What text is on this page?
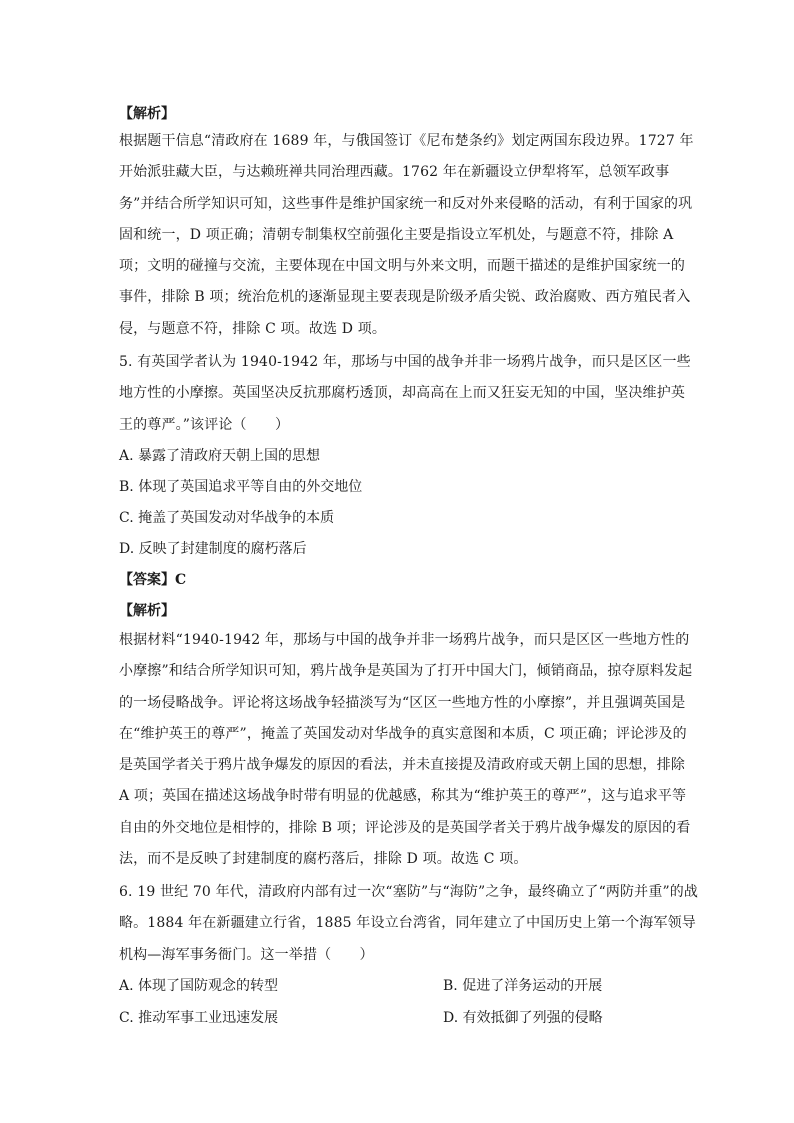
【解析】
根据题干信息“清政府在 1689 年，与俄国签订《尼布楚条约》划定两国东段边界。1727 年开始派驻藏大臣，与达赖班禅共同治理西藏。1762 年在新疆设立伊犁将军，总领军政事务”并结合所学知识可知，这些事件是维护国家统一和反对外来侵略的活动，有利于国家的巩固和统一，D 项正确；清朝专制集权空前强化主要是指设立军机处，与题意不符，排除 A 项；文明的碰撞与交流，主要体现在中国文明与外来文明，而题干描述的是维护国家统一的事件，排除 B 项；统治危机的逐渐显现主要表现是阶级矛盾尖锐、政治腐败、西方殖民者入侵，与题意不符，排除 C 项。故选 D 项。
5. 有英国学者认为 1940-1942 年，那场与中国的战争并非一场鸦片战争，而只是区区一些地方性的小摩擦。英国坚决反抗那腐朽透顶，却高高在上而又狂妄无知的中国，坚决维护英王的尊严。”该评论（　　）
A. 暴露了清政府天朝上国的思想
B. 体现了英国追求平等自由的外交地位
C. 掩盖了英国发动对华战争的本质
D. 反映了封建制度的腐朽落后
【答案】C
【解析】
根据材料“1940-1942 年，那场与中国的战争并非一场鸦片战争，而只是区区一些地方性的小摩擦”和结合所学知识可知，鸦片战争是英国为了打开中国大门，倾销商品，掠夺原料发起的一场侵略战争。评论将这场战争轻描淡写为“区区一些地方性的小摩擦”，并且强调英国是在“维护英王的尊严”，掩盖了英国发动对华战争的真实意图和本质，C 项正确；评论涉及的是英国学者关于鸦片战争爆发的原因的看法，并未直接提及清政府或天朝上国的思想，排除 A 项；英国在描述这场战争时带有明显的优越感，称其为“维护英王的尊严”，这与追求平等自由的外交地位是相悖的，排除 B 项；评论涉及的是英国学者关于鸦片战争爆发的原因的看法，而不是反映了封建制度的腐朽落后，排除 D 项。故选 C 项。
6. 19 世纪 70 年代，清政府内部有过一次“塞防”与“海防”之争，最终确立了“两防并重”的战略。1884 年在新疆建立行省，1885 年设立台湾省，同年建立了中国历史上第一个海军领导机构—海军事务衙门。这一举措（　　）
A. 体现了国防观念的转型	B. 促进了洋务运动的开展
C. 推动军事工业迅速发展	D. 有效抵御了列强的侵略
